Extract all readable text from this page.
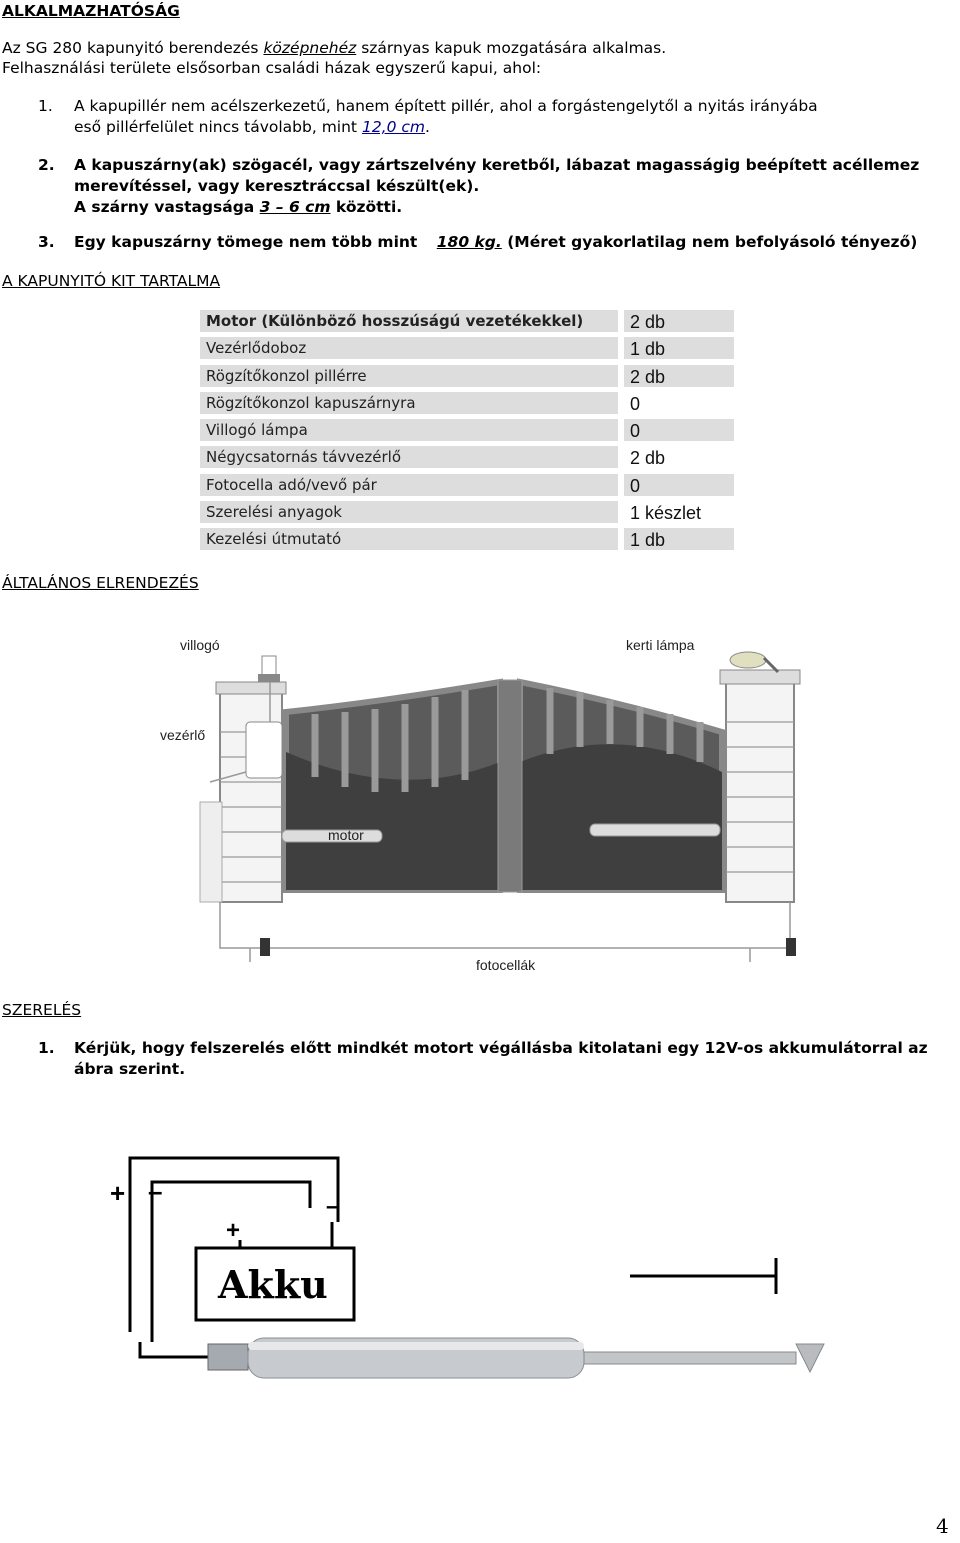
ALKALMAZHATÓSÁG
Az SG 280 kapunyitó berendezés középnehéz szárnyas kapuk mozgatására alkalmas.
Felhasználási területe elsősorban családi házak egyszerű kapui, ahol:
1. A kapupillér nem acélszerkezetű, hanem épített pillér, ahol a forgástengelytől a nyitás irányába
eső pillérfelület nincs távolabb, mint 12,0 cm.
2. A kapuszárny(ak) szögacél, vagy zártszelvény keretből, lábazat magasságig beépített acéllemez
merevítéssel, vagy keresztráccsal készült(ek).
A szárny vastagsága 3 – 6 cm közötti.
3. Egy kapuszárny tömege nem több mint 180 kg. (Méret gyakorlatilag nem befolyásoló tényező)
A KAPUNYITÓ KIT TARTALMA
Motor (Különböző hosszúságú vezetékekkel)	2 db
Vezérlődoboz	1 db
Rögzítőkonzol pillérre	2 db
Rögzítőkonzol kapuszárnyra	0
Villogó lámpa	0
Négycsatornás távvezérlő	2 db
Fotocella adó/vevő pár	0
Szerelési anyagok	1 készlet
Kezelési útmutató	1 db
ÁLTALÁNOS ELRENDEZÉS
villogó	kerti lámpa
vezérlő
motor
fotocellák
SZERELÉS
1. Kérjük, hogy felszerelés előtt mindkét motort végállásba kitolatani egy 12V-os akkumulátorral az
ábra szerint.
+ –
+
–
Akku
4
